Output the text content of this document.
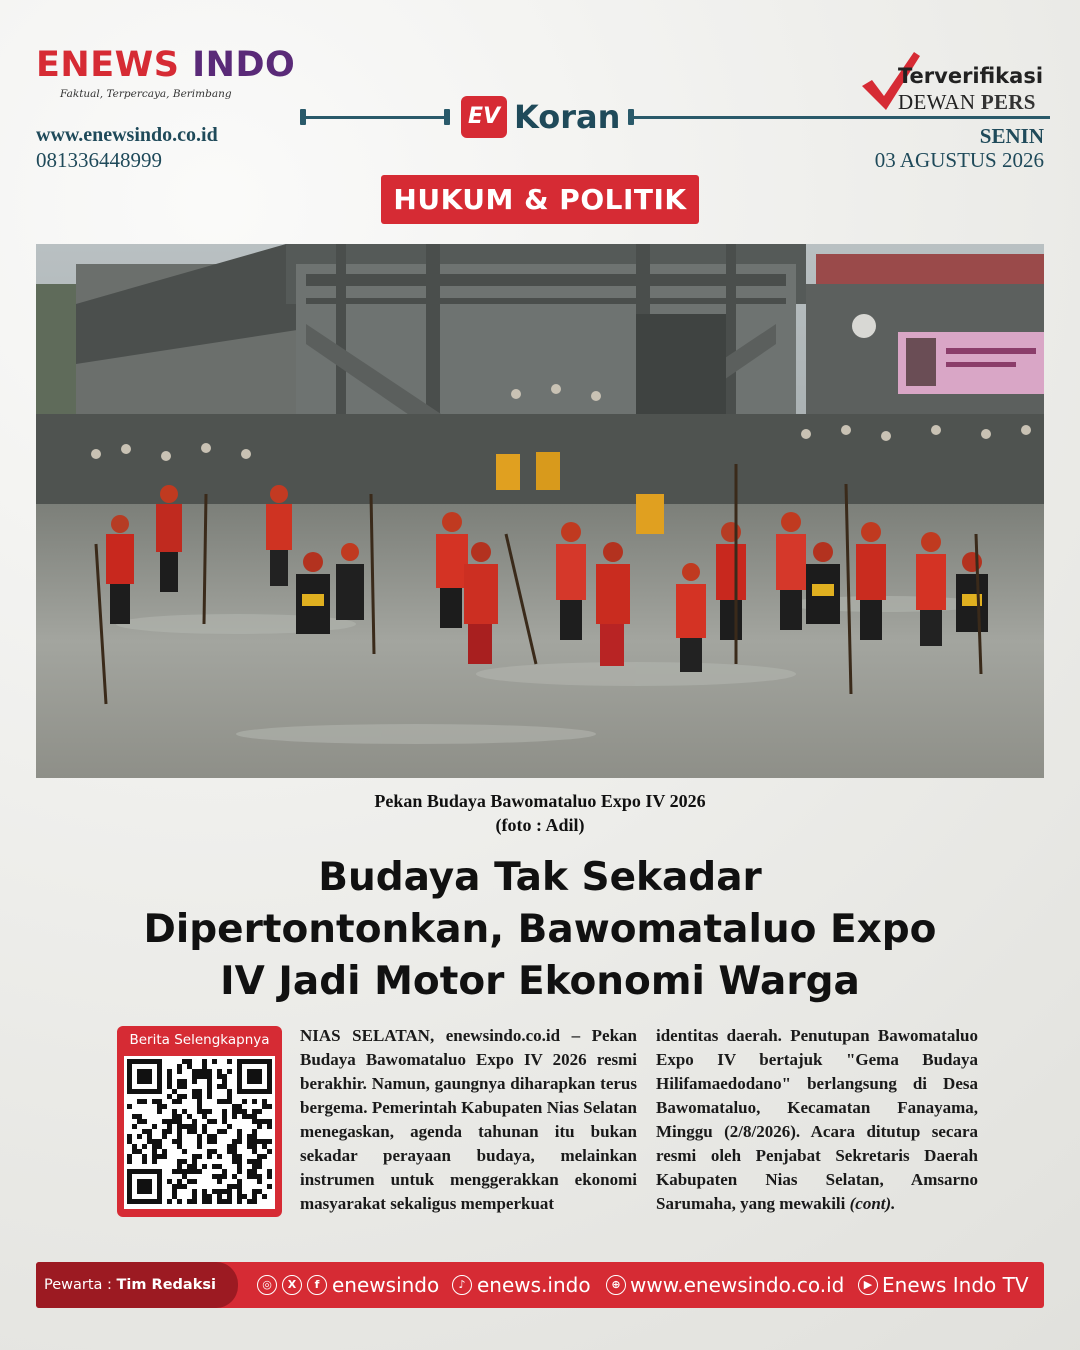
ENEWS INDO
Faktual, Terpercaya, Berimbang
www.enewsindo.co.id
081336448999
EV Koran
Terverifikasi
DEWAN PERS
SENIN
03 AGUSTUS 2026
HUKUM & POLITIK
Pekan Budaya Bawomataluo Expo IV 2026
(foto : Adil)
Budaya Tak Sekadar
Dipertontonkan, Bawomataluo Expo
IV Jadi Motor Ekonomi Warga
Berita Selengkapnya	NIAS SELATAN, enewsindo.co.id – Pekan Budaya Bawomataluo Expo IV 2026 resmi berakhir. Namun, gaungnya diharapkan terus bergema. Pemerintah Kabupaten Nias Selatan menegaskan, agenda tahunan itu bukan sekadar perayaan budaya, melainkan instrumen untuk menggerakkan ekonomi masyarakat sekaligus memperkuat

identitas daerah. Penutupan Bawomataluo Expo IV bertajuk "Gema Budaya Hilifamaedodano" berlangsung di Desa Bawomataluo, Kecamatan Fanayama, Minggu (2/8/2026). Acara ditutup secara resmi oleh Penjabat Sekretaris Daerah Kabupaten Nias Selatan, Amsarno Sarumaha, yang mewakili (cont).

Pewarta : Tim Redaksi	◎	X	f enewsindo	♪ enews.indo	⊕ www.enewsindo.co.id	▶ Enews Indo TV
